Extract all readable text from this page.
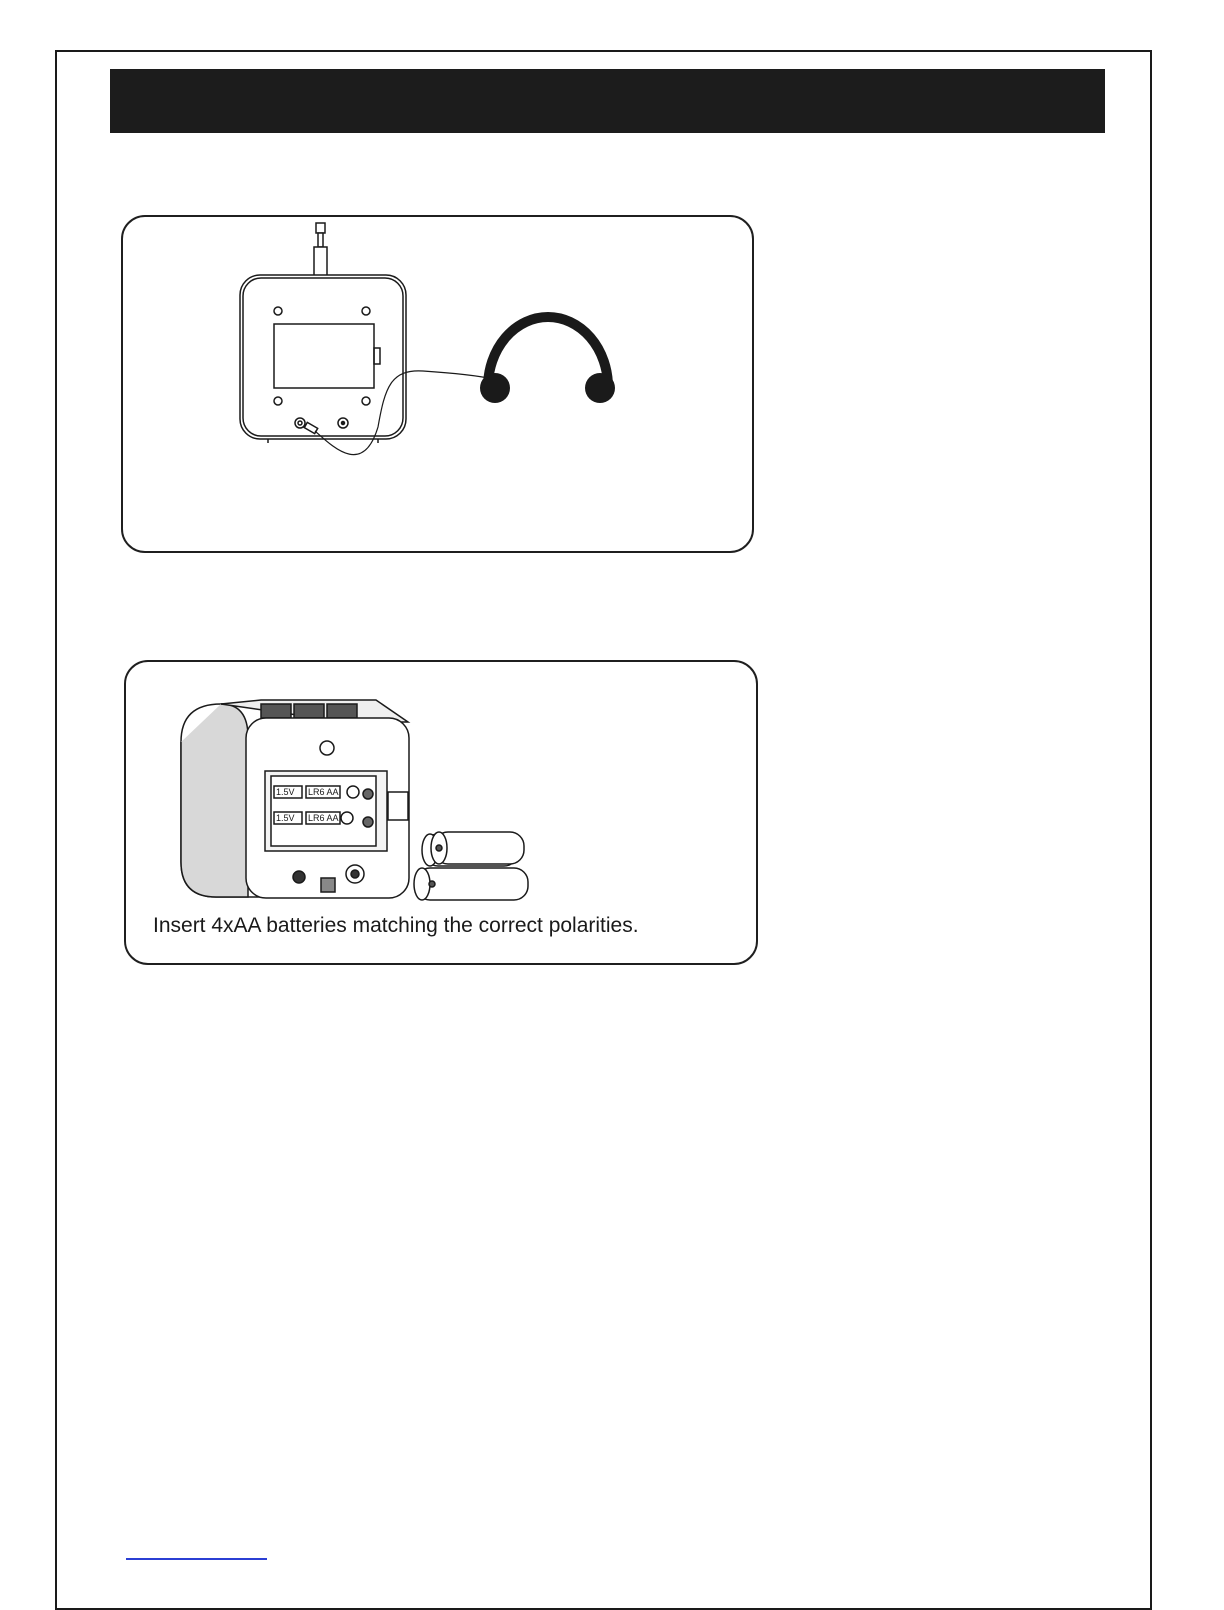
1.5V LR6 AA
1.5V LR6 AA
Insert 4xAA batteries matching the correct polarities.
